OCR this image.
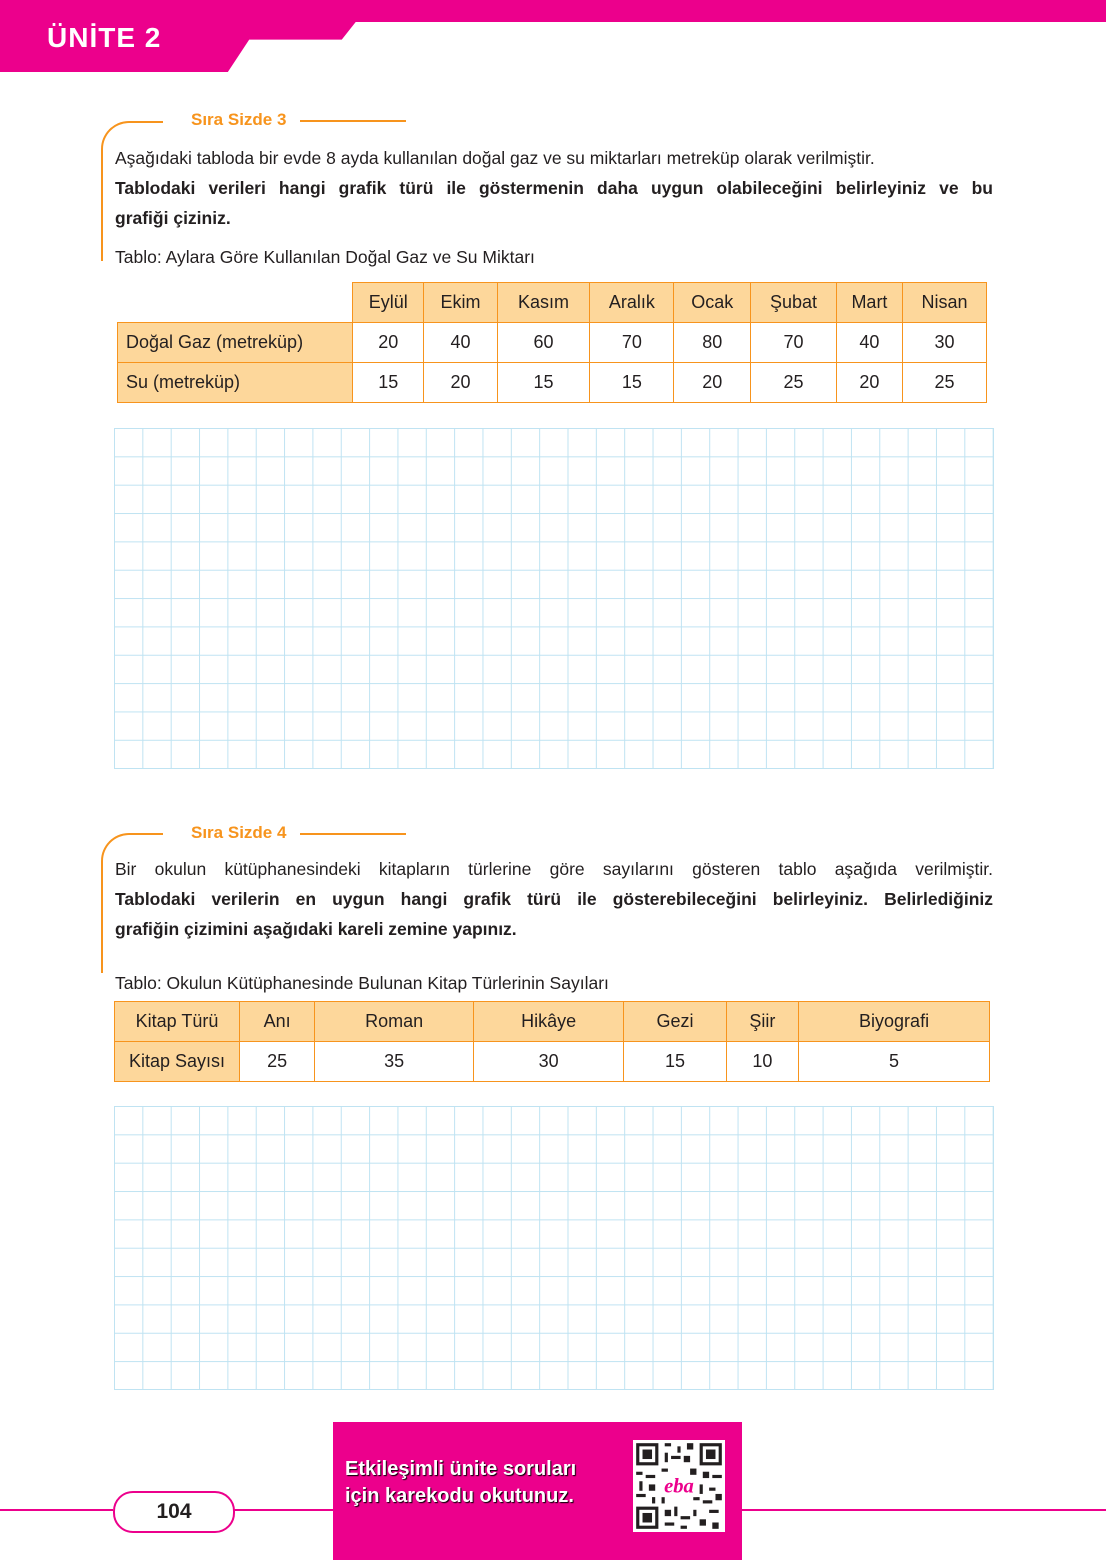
ÜNİTE 2
Sıra Sizde 3
Aşağıdaki tabloda bir evde 8 ayda kullanılan doğal gaz ve su miktarları metreküp olarak verilmiştir.
Tablodaki verileri hangi grafik türü ile göstermenin daha uygun olabileceğini belirleyiniz ve bu
grafiği çiziniz.
Tablo: Aylara Göre Kullanılan Doğal Gaz ve Su Miktarı
	Eylül	Ekim	Kasım	Aralık	Ocak	Şubat	Mart	Nisan
Doğal Gaz (metreküp)	20	40	60	70	80	70	40	30
Su (metreküp)	15	20	15	15	20	25	20	25
Sıra Sizde 4
Bir okulun kütüphanesindeki kitapların türlerine göre sayılarını gösteren tablo aşağıda verilmiştir.
Tablodaki verilerin en uygun hangi grafik türü ile gösterebileceğini belirleyiniz. Belirlediğiniz
grafiğin çizimini aşağıdaki kareli zemine yapınız.
Tablo: Okulun Kütüphanesinde Bulunan Kitap Türlerinin Sayıları
Kitap Türü	Anı	Roman	Hikâye	Gezi	Şiir	Biyografi
Kitap Sayısı	25	35	30	15	10	5
104
Etkileşimli ünite soruları
için karekodu okutunuz.	eba
